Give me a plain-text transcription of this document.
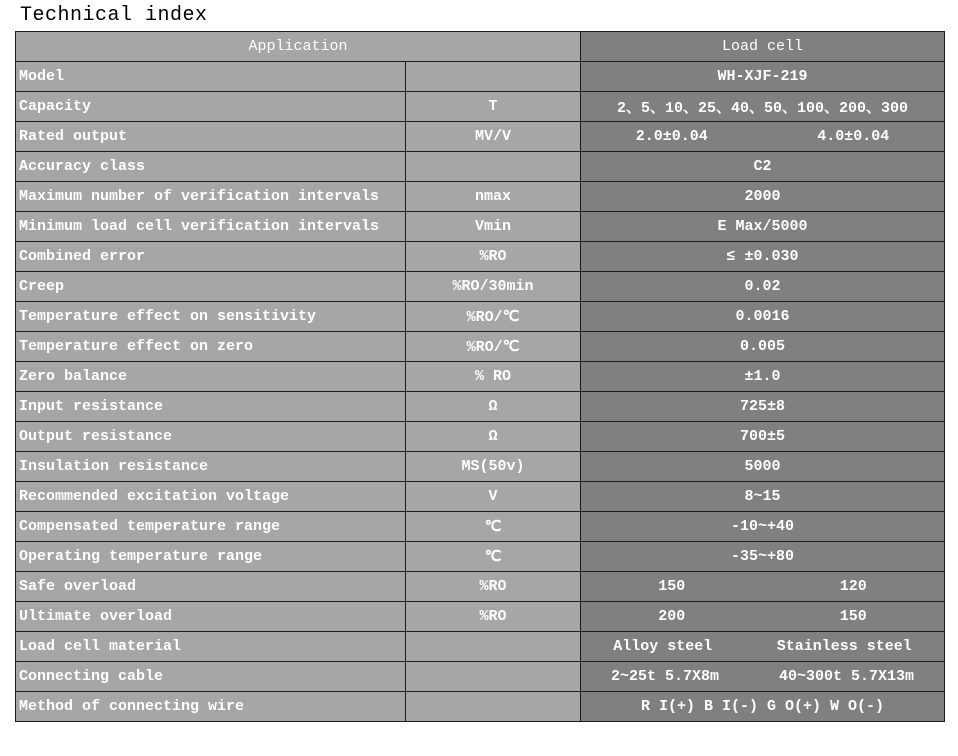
Technical index
Application		Load cell
Model		WH-XJF-219
Capacity	T	2、5、10、25、40、50、100、200、300
Rated output	MV/V	2.0±0.04 4.0±0.04

Accuracy class		C2
Maximum number of verification intervals	nmax	2000
Minimum load cell verification intervals	Vmin	E Max/5000
Combined error	%RO	≤ ±0.030
Creep	%RO/30min	0.02
Temperature effect on sensitivity	%RO/℃	0.0016
Temperature effect on zero	%RO/℃	0.005
Zero balance	% RO	±1.0
Input resistance	Ω	725±8
Output resistance	Ω	700±5
Insulation resistance	MS(50v)	5000
Recommended excitation voltage	V	8~15
Compensated temperature range	℃	-10~+40
Operating temperature range	℃	-35~+80
Safe overload	%RO	150 120

Ultimate overload	%RO	200 150

Load cell material		Alloy steel Stainless steel

Connecting cable		2~25t 5.7X8m 40~300t 5.7X13m

Method of connecting wire		R I(+) B I(-) G O(+) W O(-)
